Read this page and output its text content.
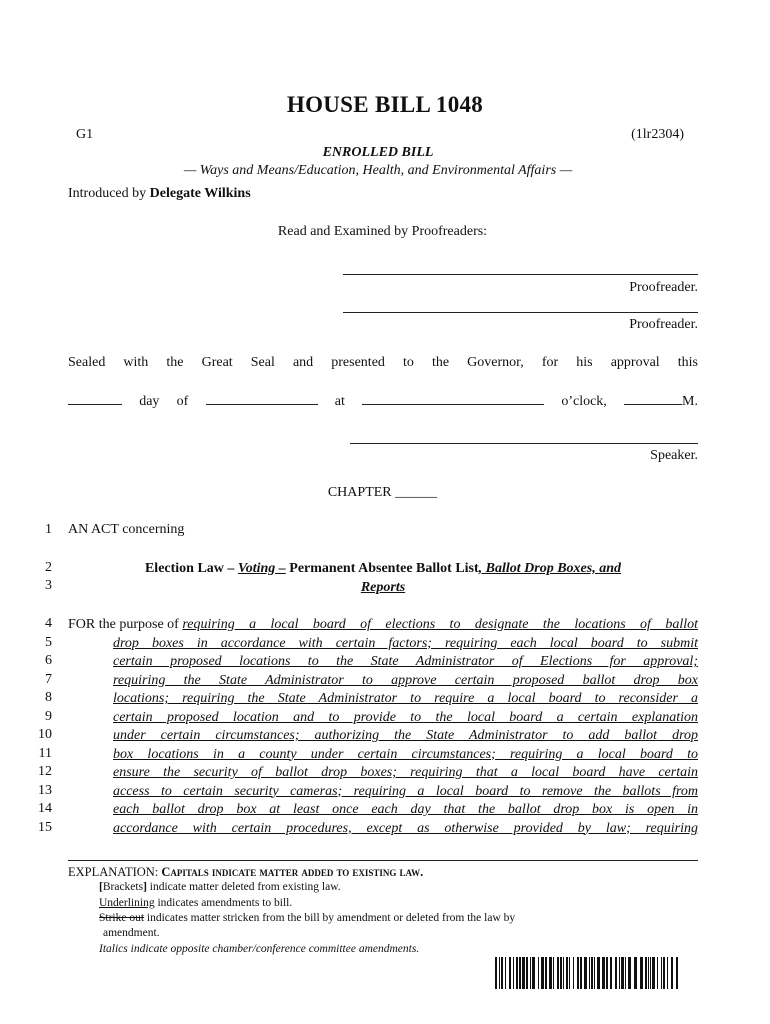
HOUSE BILL 1048
G1	(1lr2304)
ENROLLED BILL
— Ways and Means/Education, Health, and Environmental Affairs —
Introduced by Delegate Wilkins
Read and Examined by Proofreaders:
Proofreader.
Proofreader.
Sealed with the Great Seal and presented to the Governor, for his approval this
day of	at	o’clock,	M.
Speaker.
CHAPTER ______
1 AN ACT concerning
2
3
Election Law – Voting – Permanent Absentee Ballot List, Ballot Drop Boxes, and
Reports
4 FOR the purpose of requiring a local board of elections to designate the locations of ballot
5	drop boxes in accordance with certain factors; requiring each local board to submit
6	certain proposed locations to the State Administrator of Elections for approval;
7	requiring the State Administrator to approve certain proposed ballot drop box
8	locations; requiring the State Administrator to require a local board to reconsider a
9	certain proposed location and to provide to the local board a certain explanation
10	under certain circumstances; authorizing the State Administrator to add ballot drop
11	box locations in a county under certain circumstances; requiring a local board to
12	ensure the security of ballot drop boxes; requiring that a local board have certain
13	access to certain security cameras; requiring a local board to remove the ballots from
14	each ballot drop box at least once each day that the ballot drop box is open in
15	accordance with certain procedures, except as otherwise provided by law; requiring
EXPLANATION: Capitals indicate matter added to existing law.
[Brackets] indicate matter deleted from existing law.
Underlining indicates amendments to bill.
Strike out indicates matter stricken from the bill by amendment or deleted from the law by
amendment.
Italics indicate opposite chamber/conference committee amendments.
